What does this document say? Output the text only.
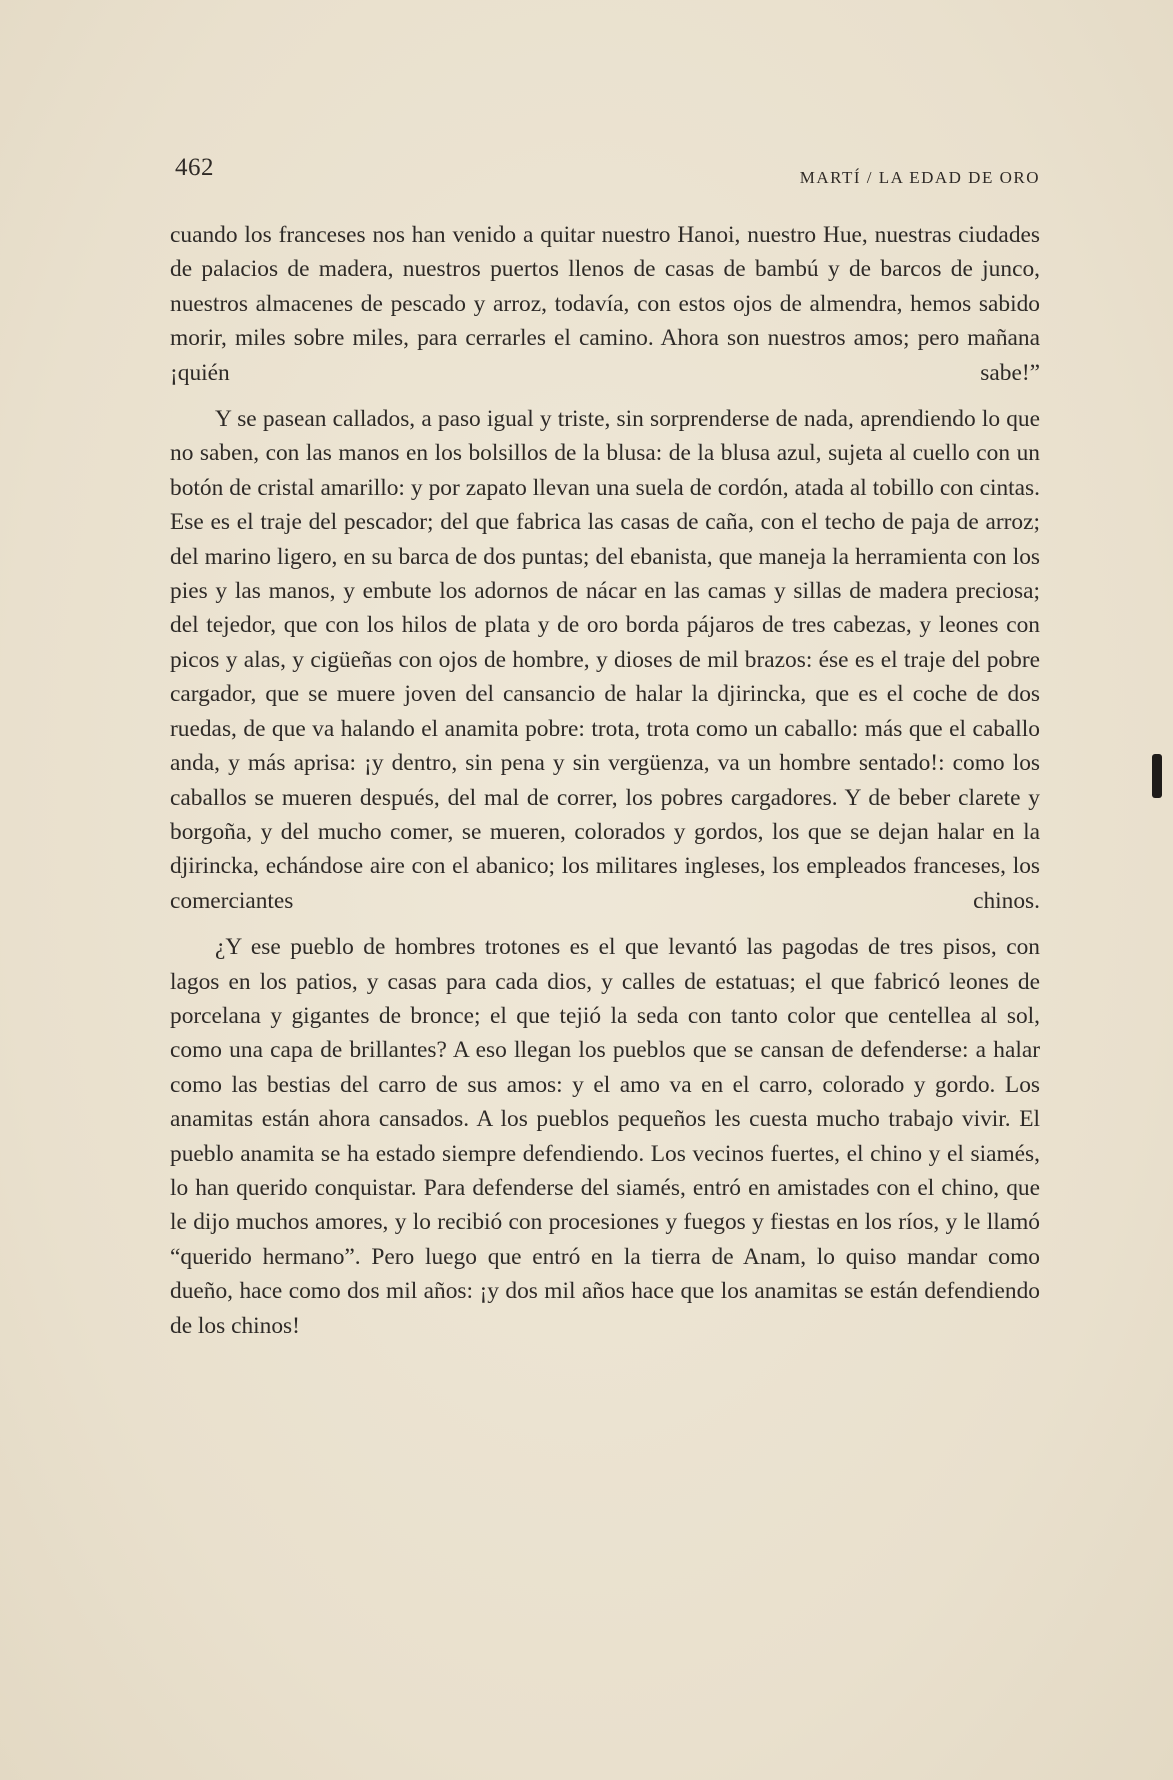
462	MARTÍ / LA EDAD DE ORO

cuando los franceses nos han venido a quitar nuestro Hanoi, nuestro Hue, nuestras ciudades de palacios de madera, nuestros puertos llenos de casas de bambú y de barcos de junco, nuestros almacenes de pescado y arroz, todavía, con estos ojos de almendra, hemos sabido morir, miles sobre miles, para cerrarles el camino. Ahora son nuestros amos; pero mañana ¡quién sabe!”

Y se pasean callados, a paso igual y triste, sin sorprenderse de nada, aprendiendo lo que no saben, con las manos en los bolsillos de la blusa: de la blusa azul, sujeta al cuello con un botón de cristal amarillo: y por zapato llevan una suela de cordón, atada al tobillo con cintas. Ese es el traje del pescador; del que fabrica las casas de caña, con el techo de paja de arroz; del marino ligero, en su barca de dos puntas; del ebanista, que maneja la herramienta con los pies y las manos, y embute los adornos de nácar en las camas y sillas de madera preciosa; del tejedor, que con los hilos de plata y de oro borda pájaros de tres cabezas, y leones con picos y alas, y cigüeñas con ojos de hombre, y dioses de mil brazos: ése es el traje del pobre cargador, que se muere joven del cansancio de halar la djirincka, que es el coche de dos ruedas, de que va halando el anamita pobre: trota, trota como un caballo: más que el caballo anda, y más aprisa: ¡y dentro, sin pena y sin vergüenza, va un hombre sentado!: como los caballos se mueren después, del mal de correr, los pobres cargadores. Y de beber clarete y borgoña, y del mucho comer, se mueren, colorados y gordos, los que se dejan halar en la djirincka, echándose aire con el abanico; los militares ingleses, los empleados franceses, los comerciantes chinos.

¿Y ese pueblo de hombres trotones es el que levantó las pagodas de tres pisos, con lagos en los patios, y casas para cada dios, y calles de estatuas; el que fabricó leones de porcelana y gigantes de bronce; el que tejió la seda con tanto color que centellea al sol, como una capa de brillantes? A eso llegan los pueblos que se cansan de defenderse: a halar como las bestias del carro de sus amos: y el amo va en el carro, colorado y gordo. Los anamitas están ahora cansados. A los pueblos pequeños les cuesta mucho trabajo vivir. El pueblo anamita se ha estado siempre defendiendo. Los vecinos fuertes, el chino y el siamés, lo han querido conquistar. Para defenderse del siamés, entró en amistades con el chino, que le dijo muchos amores, y lo recibió con procesiones y fuegos y fiestas en los ríos, y le llamó “querido hermano”. Pero luego que entró en la tierra de Anam, lo quiso mandar como dueño, hace como dos mil años: ¡y dos mil años hace que los anamitas se están defendiendo de los chinos!
